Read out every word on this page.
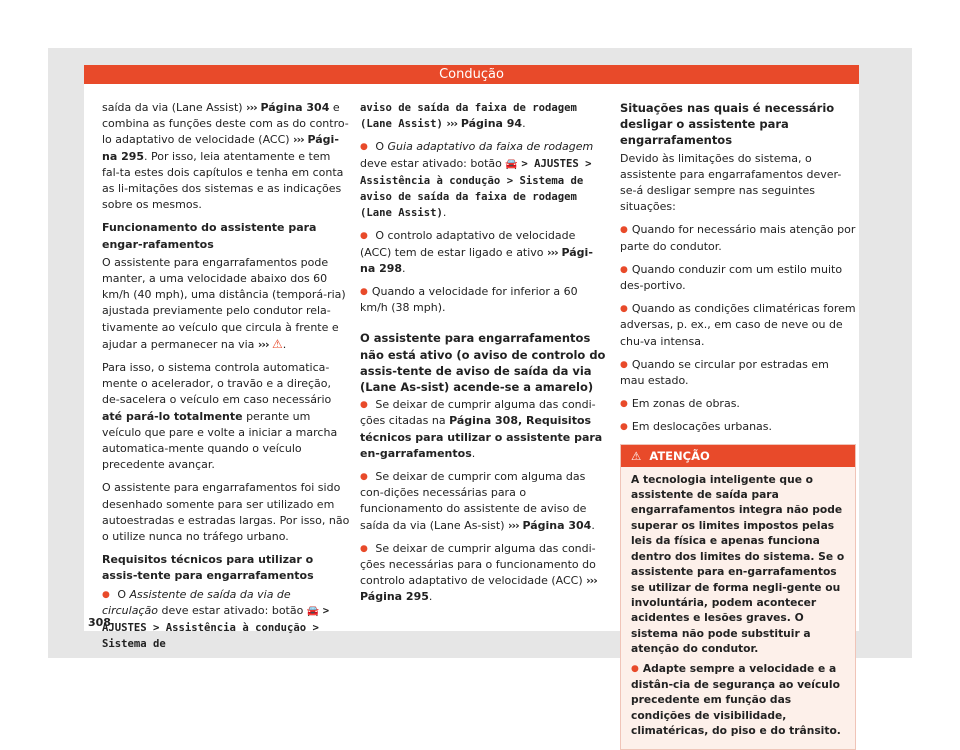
Condução

saída da via (Lane Assist) ››› Página 304 e combina as funções deste com as do contro-lo adaptativo de velocidade (ACC) ››› Pági-na 295. Por isso, leia atentamente e tem fal-ta estes dois capítulos e tenha em conta as li-mitações dos sistemas e as indicações sobre os mesmos.

Funcionamento do assistente para engar-rafamentos

O assistente para engarrafamentos pode manter, a uma velocidade abaixo dos 60 km/h (40 mph), uma distância (temporá-ria) ajustada previamente pelo condutor rela-tivamente ao veículo que circula à frente e ajudar a permanecer na via ››› ⚠.

Para isso, o sistema controla automatica-mente o acelerador, o travão e a direção, de-sacelera o veículo em caso necessário até pará-lo totalmente perante um veículo que pare e volte a iniciar a marcha automatica-mente quando o veículo precedente avançar.

O assistente para engarrafamentos foi sido desenhado somente para ser utilizado em autoestradas e estradas largas. Por isso, não o utilize nunca no tráfego urbano.

Requisitos técnicos para utilizar o assis-tente para engarrafamentos

● O Assistente de saída da via de circulação deve estar ativado: botão 🚘 > AJUSTES > Assistência à condução > Sistema de

aviso de saída da faixa de rodagem (Lane Assist) ››› Página 94.

● O Guia adaptativo da faixa de rodagem deve estar ativado: botão 🚘 > AJUSTES > Assistência à condução > Sistema de aviso de saída da faixa de rodagem (Lane Assist).

● O controlo adaptativo de velocidade (ACC) tem de estar ligado e ativo ››› Pági-na 298.

● Quando a velocidade for inferior a 60 km/h (38 mph).

O assistente para engarrafamentos não está ativo (o aviso de controlo do assis-tente de aviso de saída da via (Lane As-sist) acende-se a amarelo)

● Se deixar de cumprir alguma das condi-ções citadas na Página 308, Requisitos técnicos para utilizar o assistente para en-garrafamentos.

● Se deixar de cumprir com alguma das con-dições necessárias para o funcionamento do assistente de aviso de saída da via (Lane As-sist) ››› Página 304.

● Se deixar de cumprir alguma das condi-ções necessárias para o funcionamento do controlo adaptativo de velocidade (ACC) ››› Página 295.

Situações nas quais é necessário desligar o assistente para engarrafamentos

Devido às limitações do sistema, o assistente para engarrafamentos dever-se-á desligar sempre nas seguintes situações:

● Quando for necessário mais atenção por parte do condutor.

● Quando conduzir com um estilo muito des-portivo.

● Quando as condições climatéricas forem adversas, p. ex., em caso de neve ou de chu-va intensa.

● Quando se circular por estradas em mau estado.

● Em zonas de obras.

● Em deslocações urbanas.

⚠ ATENÇÃO

A tecnologia inteligente que o assistente de saída para engarrafamentos integra não pode superar os limites impostos pelas leis da física e apenas funciona dentro dos limites do sistema. Se o assistente para en-garrafamentos se utilizar de forma negli-gente ou involuntária, podem acontecer acidentes e lesões graves. O sistema não pode substituir a atenção do condutor.

● Adapte sempre a velocidade e a distân-cia de segurança ao veículo precedente em função das condições de visibilidade, climatéricas, do piso e do trânsito.

308
